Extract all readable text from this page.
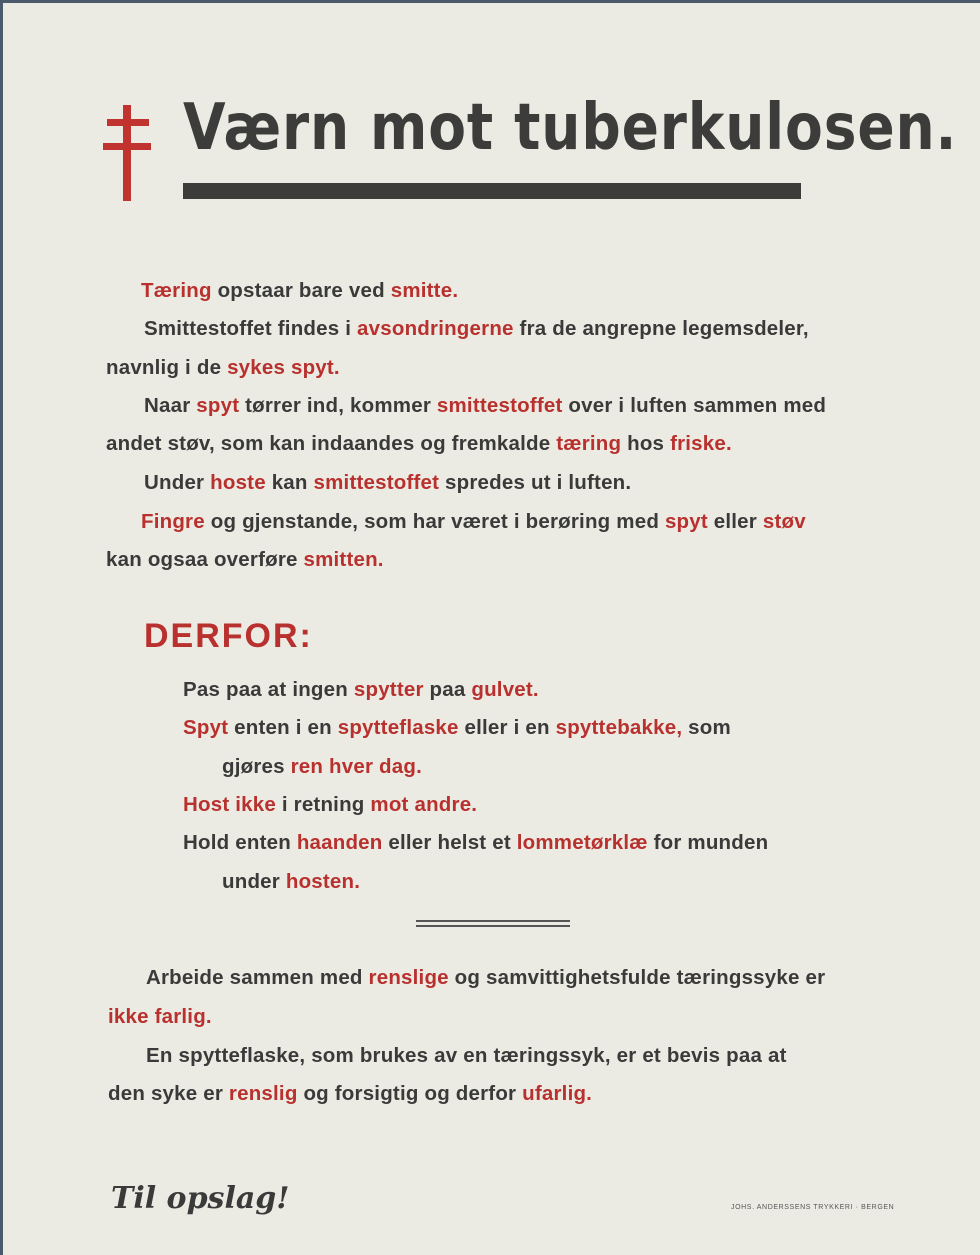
Værn mot tuberkulosen.
Tæring opstaar bare ved smitte.
Smittestoffet findes i avsondringerne fra de angrepne legemsdeler,
navnlig i de sykes spyt.
Naar spyt tørrer ind, kommer smittestoffet over i luften sammen med
andet støv, som kan indaandes og fremkalde tæring hos friske.
Under hoste kan smittestoffet spredes ut i luften.
Fingre og gjenstande, som har været i berøring med spyt eller støv
kan ogsaa overføre smitten.
DERFOR:
Pas paa at ingen spytter paa gulvet.
Spyt enten i en spytteflaske eller i en spyttebakke, som
gjøres ren hver dag.
Host ikke i retning mot andre.
Hold enten haanden eller helst et lommetørklæ for munden
under hosten.
Arbeide sammen med renslige og samvittighetsfulde tæringssyke er
ikke farlig.
En spytteflaske, som brukes av en tæringssyk, er et bevis paa at
den syke er renslig og forsigtig og derfor ufarlig.
Til opslag!	JOHS. ANDERSSENS TRYKKERI · BERGEN
